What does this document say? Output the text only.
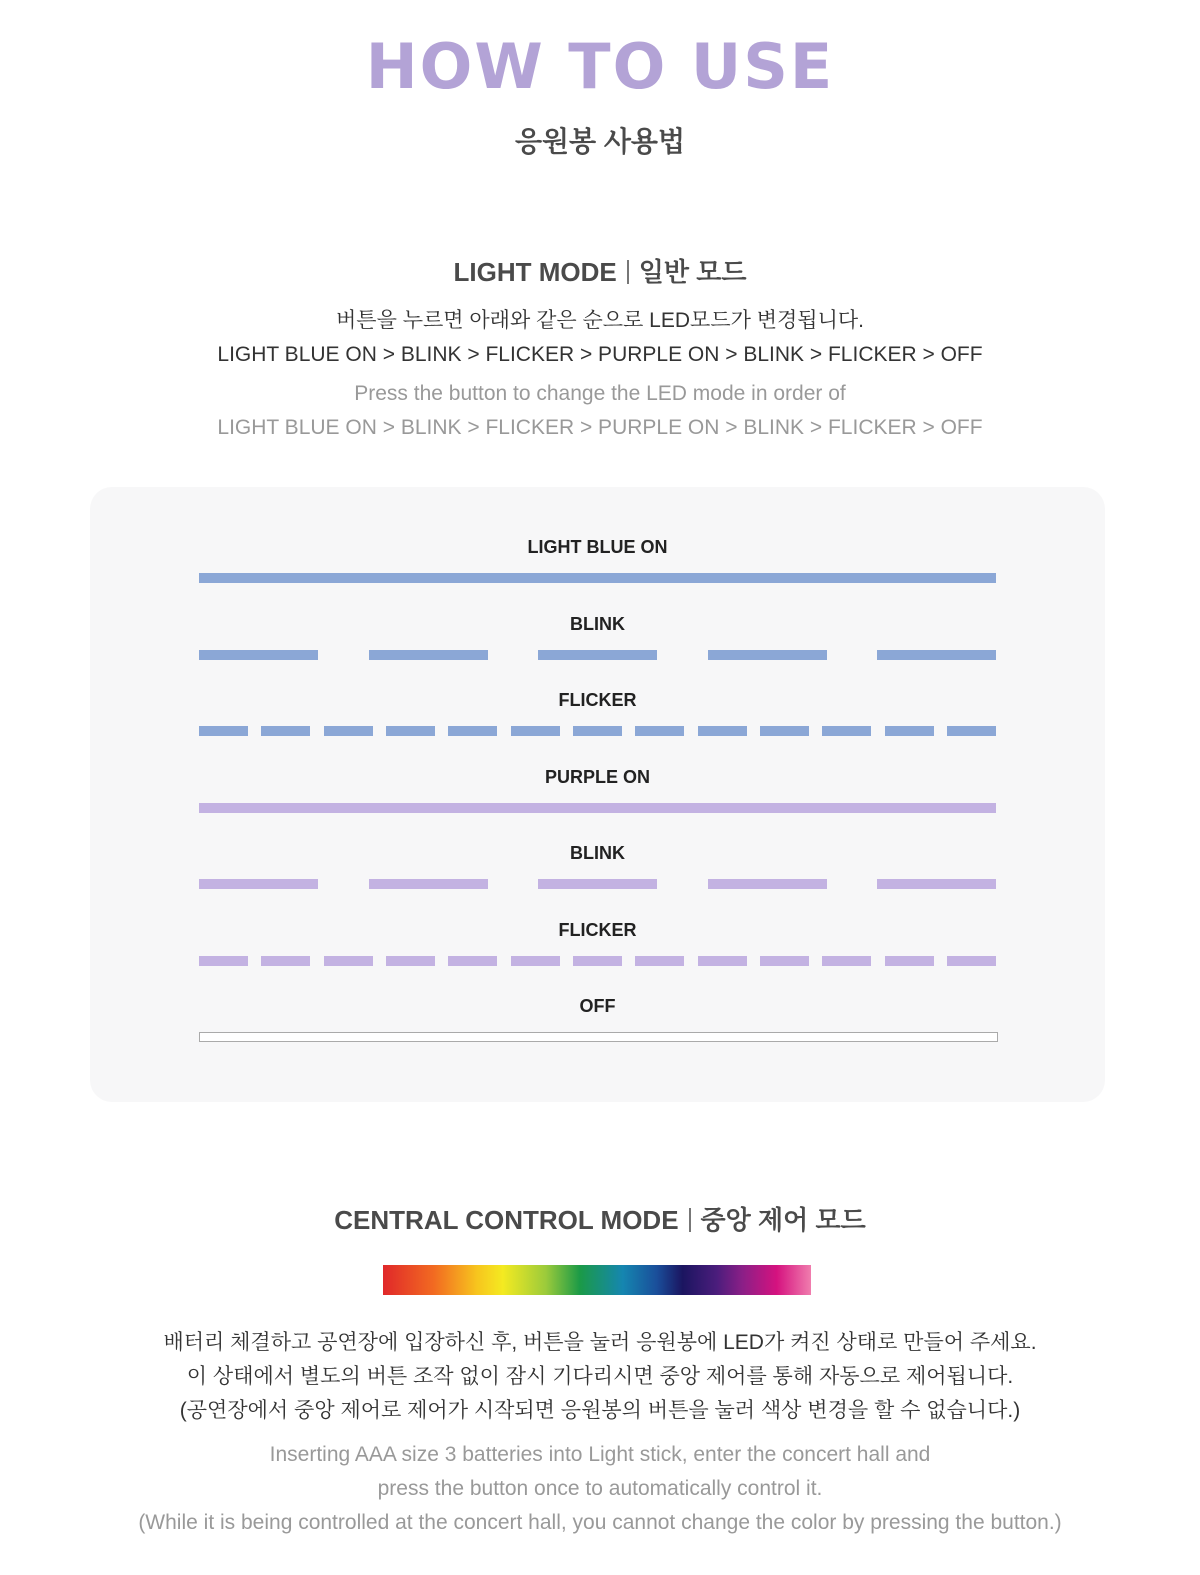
HOW TO USE
응원봉 사용법
LIGHT MODE 일반 모드
버튼을 누르면 아래와 같은 순으로 LED모드가 변경됩니다.
LIGHT BLUE ON > BLINK > FLICKER > PURPLE ON > BLINK > FLICKER > OFF
Press the button to change the LED mode in order of
LIGHT BLUE ON > BLINK > FLICKER > PURPLE ON > BLINK > FLICKER > OFF
LIGHT BLUE ON
BLINK
FLICKER
PURPLE ON
BLINK
FLICKER
OFF
CENTRAL CONTROL MODE 중앙 제어 모드
배터리 체결하고 공연장에 입장하신 후, 버튼을 눌러 응원봉에 LED가 켜진 상태로 만들어 주세요.
이 상태에서 별도의 버튼 조작 없이 잠시 기다리시면 중앙 제어를 통해 자동으로 제어됩니다.
(공연장에서 중앙 제어로 제어가 시작되면 응원봉의 버튼을 눌러 색상 변경을 할 수 없습니다.)
Inserting AAA size 3 batteries into Light stick, enter the concert hall and
press the button once to automatically control it.
(While it is being controlled at the concert hall, you cannot change the color by pressing the button.)
